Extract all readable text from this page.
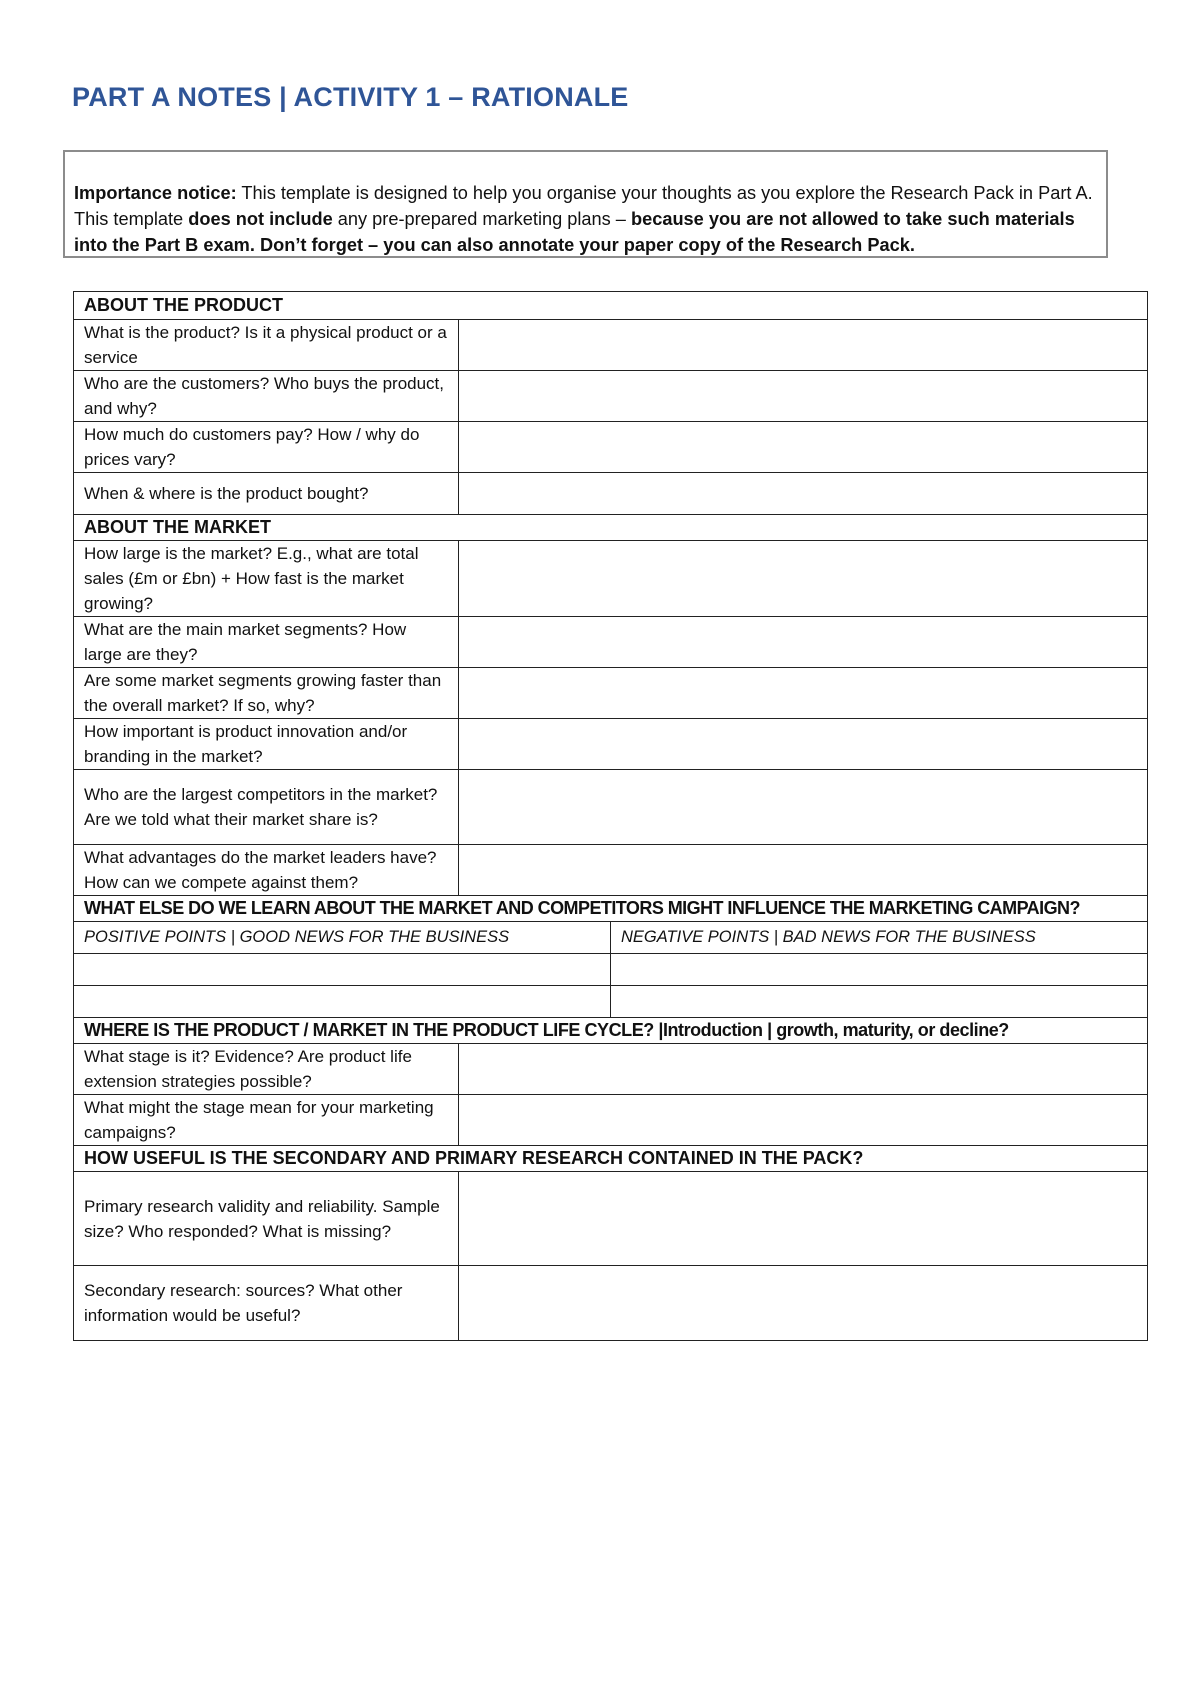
PART A NOTES | ACTIVITY 1 – RATIONALE
Importance notice: This template is designed to help you organise your thoughts as you explore the Research Pack in Part A. This template does not include any pre-prepared marketing plans – because you are not allowed to take such materials into the Part B exam. Don’t forget – you can also annotate your paper copy of the Research Pack.
ABOUT THE PRODUCT		
What is the product? Is it a physical product or a service		
Who are the customers? Who buys the product, and why?		
How much do customers pay? How / why do prices vary?		
When & where is the product bought?		
ABOUT THE MARKET		
How large is the market? E.g., what are total sales (£m or £bn) + How fast is the market growing?		
What are the main market segments? How large are they?		
Are some market segments growing faster than the overall market? If so, why?		
How important is product innovation and/or branding in the market?		
Who are the largest competitors in the market? Are we told what their market share is?		
What advantages do the market leaders have? How can we compete against them?		
WHAT ELSE DO WE LEARN ABOUT THE MARKET AND COMPETITORS MIGHT INFLUENCE THE MARKETING CAMPAIGN?		
POSITIVE POINTS | GOOD NEWS FOR THE BUSINESS		NEGATIVE POINTS | BAD NEWS FOR THE BUSINESS

WHERE IS THE PRODUCT / MARKET IN THE PRODUCT LIFE CYCLE? |Introduction | growth, maturity, or decline?		
What stage is it? Evidence? Are product life extension strategies possible?		
What might the stage mean for your marketing campaigns?		
HOW USEFUL IS THE SECONDARY AND PRIMARY RESEARCH CONTAINED IN THE PACK?		
Primary research validity and reliability. Sample size? Who responded? What is missing?		
Secondary research: sources? What other information would be useful?		
